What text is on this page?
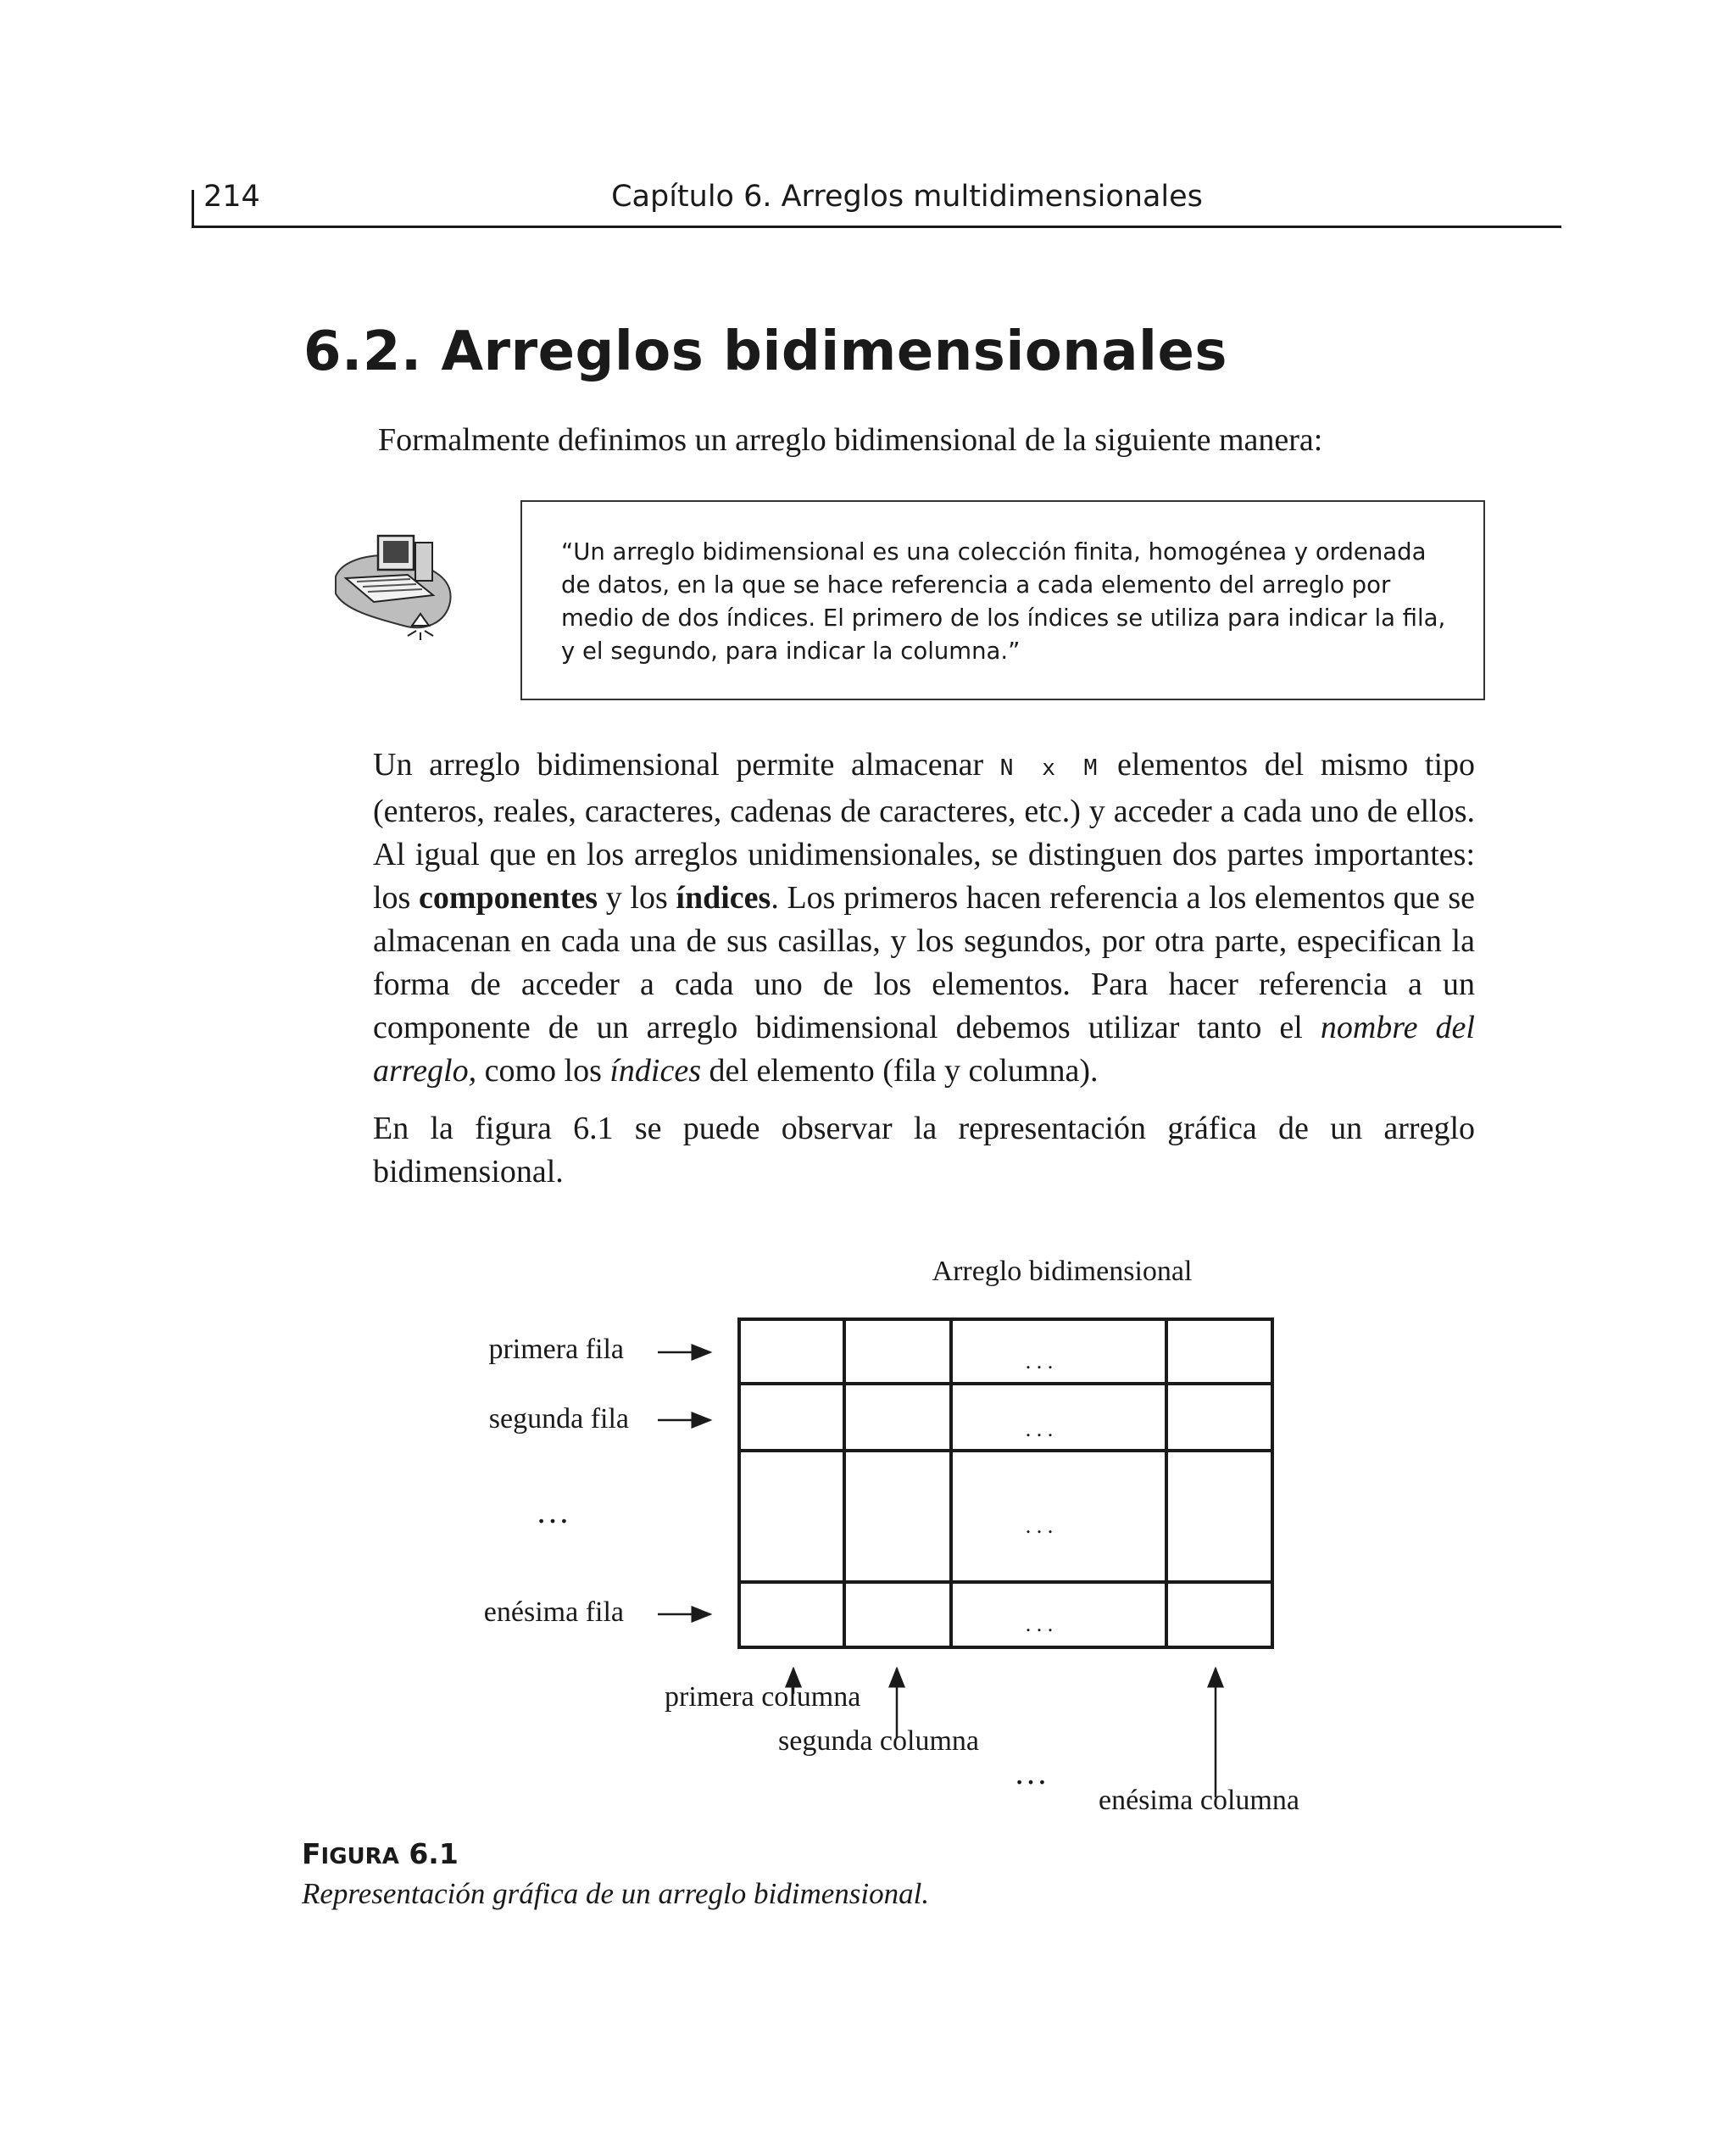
214	Capítulo 6. Arreglos multidimensionales
6.2. Arreglos bidimensionales
Formalmente definimos un arreglo bidimensional de la siguiente manera:
“Un arreglo bidimensional es una colección finita, homogénea y ordenada
de datos, en la que se hace referencia a cada elemento del arreglo por
medio de dos índices. El primero de los índices se utiliza para indicar la fila,
y el segundo, para indicar la columna.”

Un arreglo bidimensional permite almacenar N x M elementos del mismo tipo (enteros, reales, caracteres, cadenas de caracteres, etc.) y acceder a cada uno de ellos. Al igual que en los arreglos unidimensionales, se distinguen dos partes importantes: los componentes y los índices. Los primeros hacen referencia a los elementos que se almacenan en cada una de sus casillas, y los segundos, por otra parte, especifican la forma de acceder a cada uno de los elementos. Para hacer referencia a un componente de un arreglo bidimensional debemos utilizar tanto el nombre del arreglo, como los índices del elemento (fila y columna).

En la figura 6.1 se puede observar la representación gráfica de un arreglo bidimensional.

Arreglo bidimensional
. . .
. . .
. . .
. . .
primera fila
segunda fila
…
enésima fila
primera columna
segunda columna
…
enésima columna
FIGURA 6.1
Representación gráfica de un arreglo bidimensional.
